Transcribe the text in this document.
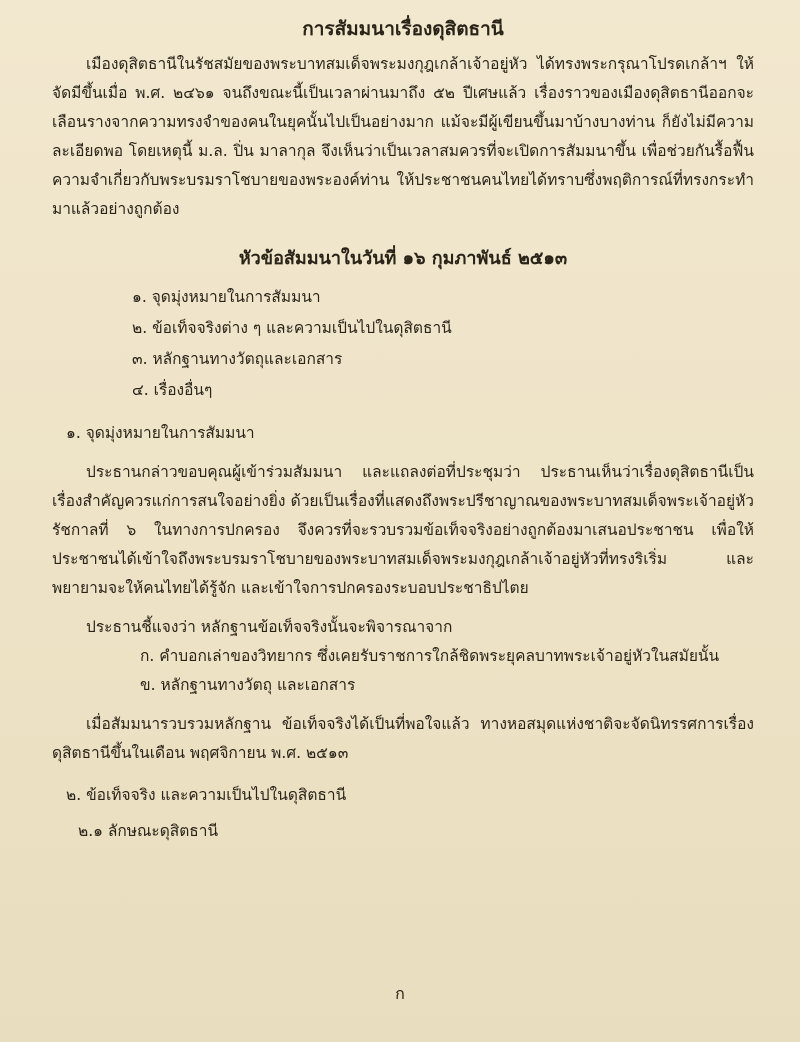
การสัมมนาเรื่องดุสิตธานี

เมืองดุสิตธานีในรัชสมัยของพระบาทสมเด็จพระมงกุฎเกล้าเจ้าอยู่หัว ได้ทรงพระกรุณาโปรดเกล้าฯ ให้จัดมีขึ้นเมื่อ พ.ศ. ๒๔๖๑ จนถึงขณะนี้เป็นเวลาผ่านมาถึง ๕๒ ปีเศษแล้ว เรื่องราวของเมืองดุสิตธานีออกจะเลือนรางจากความทรงจำของคนในยุคนั้นไปเป็นอย่างมาก แม้จะมีผู้เขียนขึ้นมาบ้างบางท่าน ก็ยังไม่มีความละเอียดพอ โดยเหตุนี้ ม.ล. ปิ่น มาลากุล จึงเห็นว่าเป็นเวลาสมควรที่จะเปิดการสัมมนาขึ้น เพื่อช่วยกันรื้อฟื้นความจำเกี่ยวกับพระบรมราโชบายของพระองค์ท่าน ให้ประชาชนคนไทยได้ทราบซึ่งพฤติการณ์ที่ทรงกระทำมาแล้วอย่างถูกต้อง

หัวข้อสัมมนาในวันที่ ๑๖ กุมภาพันธ์ ๒๕๑๓
๑. จุดมุ่งหมายในการสัมมนา
๒. ข้อเท็จจริงต่าง ๆ และความเป็นไปในดุสิตธานี
๓. หลักฐานทางวัตถุและเอกสาร
๔. เรื่องอื่นๆ
๑. จุดมุ่งหมายในการสัมมนา

ประธานกล่าวขอบคุณผู้เข้าร่วมสัมมนา และแถลงต่อที่ประชุมว่า ประธานเห็นว่าเรื่องดุสิตธานีเป็นเรื่องสำคัญควรแก่การสนใจอย่างยิ่ง ด้วยเป็นเรื่องที่แสดงถึงพระปรีชาญาณของพระบาทสมเด็จพระเจ้าอยู่หัวรัชกาลที่ ๖ ในทางการปกครอง จึงควรที่จะรวบรวมข้อเท็จจริงอย่างถูกต้องมาเสนอประชาชน เพื่อให้ประชาชนได้เข้าใจถึงพระบรมราโชบายของพระบาทสมเด็จพระมงกุฎเกล้าเจ้าอยู่หัวที่ทรงริเริ่ม และพยายามจะให้คนไทยได้รู้จัก และเข้าใจการปกครองระบอบประชาธิปไตย

ประธานชี้แจงว่า หลักฐานข้อเท็จจริงนั้นจะพิจารณาจาก

ก. คำบอกเล่าของวิทยากร ซึ่งเคยรับราชการใกล้ชิดพระยุคลบาทพระเจ้าอยู่หัวในสมัยนั้น
ข. หลักฐานทางวัตถุ และเอกสาร

เมื่อสัมมนารวบรวมหลักฐาน ข้อเท็จจริงได้เป็นที่พอใจแล้ว ทางหอสมุดแห่งชาติจะจัดนิทรรศการเรื่องดุสิตธานีขึ้นในเดือน พฤศจิกายน พ.ศ. ๒๕๑๓

๒. ข้อเท็จจริง และความเป็นไปในดุสิตธานี
๒.๑ ลักษณะดุสิตธานี
ก
